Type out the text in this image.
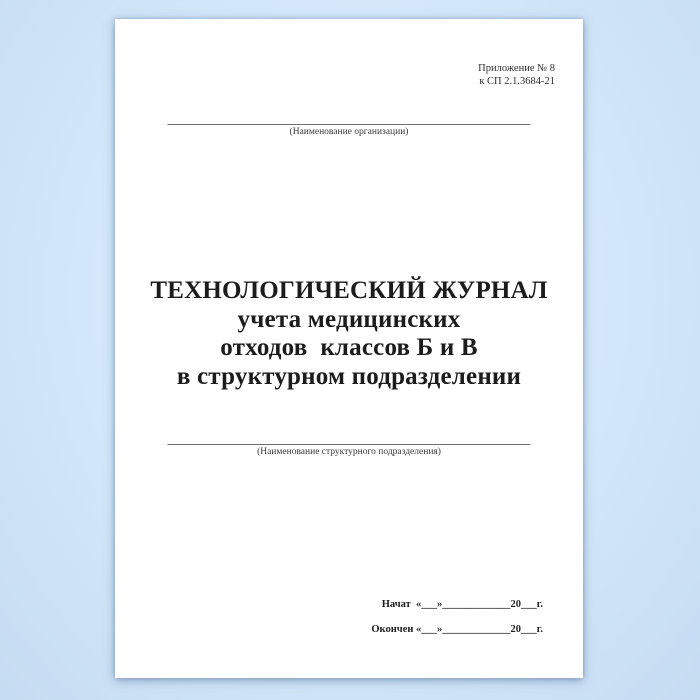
Приложение № 8
к СП 2.1.3684-21
(Наименование организации)
ТЕХНОЛОГИЧЕСКИЙ ЖУРНАЛ
учета медицинских
отходов  классов Б и В
в структурном подразделении
(Наименование структурного подразделения)
Начат  «___»_____________20___г.
Окончен «___»_____________20___г.
